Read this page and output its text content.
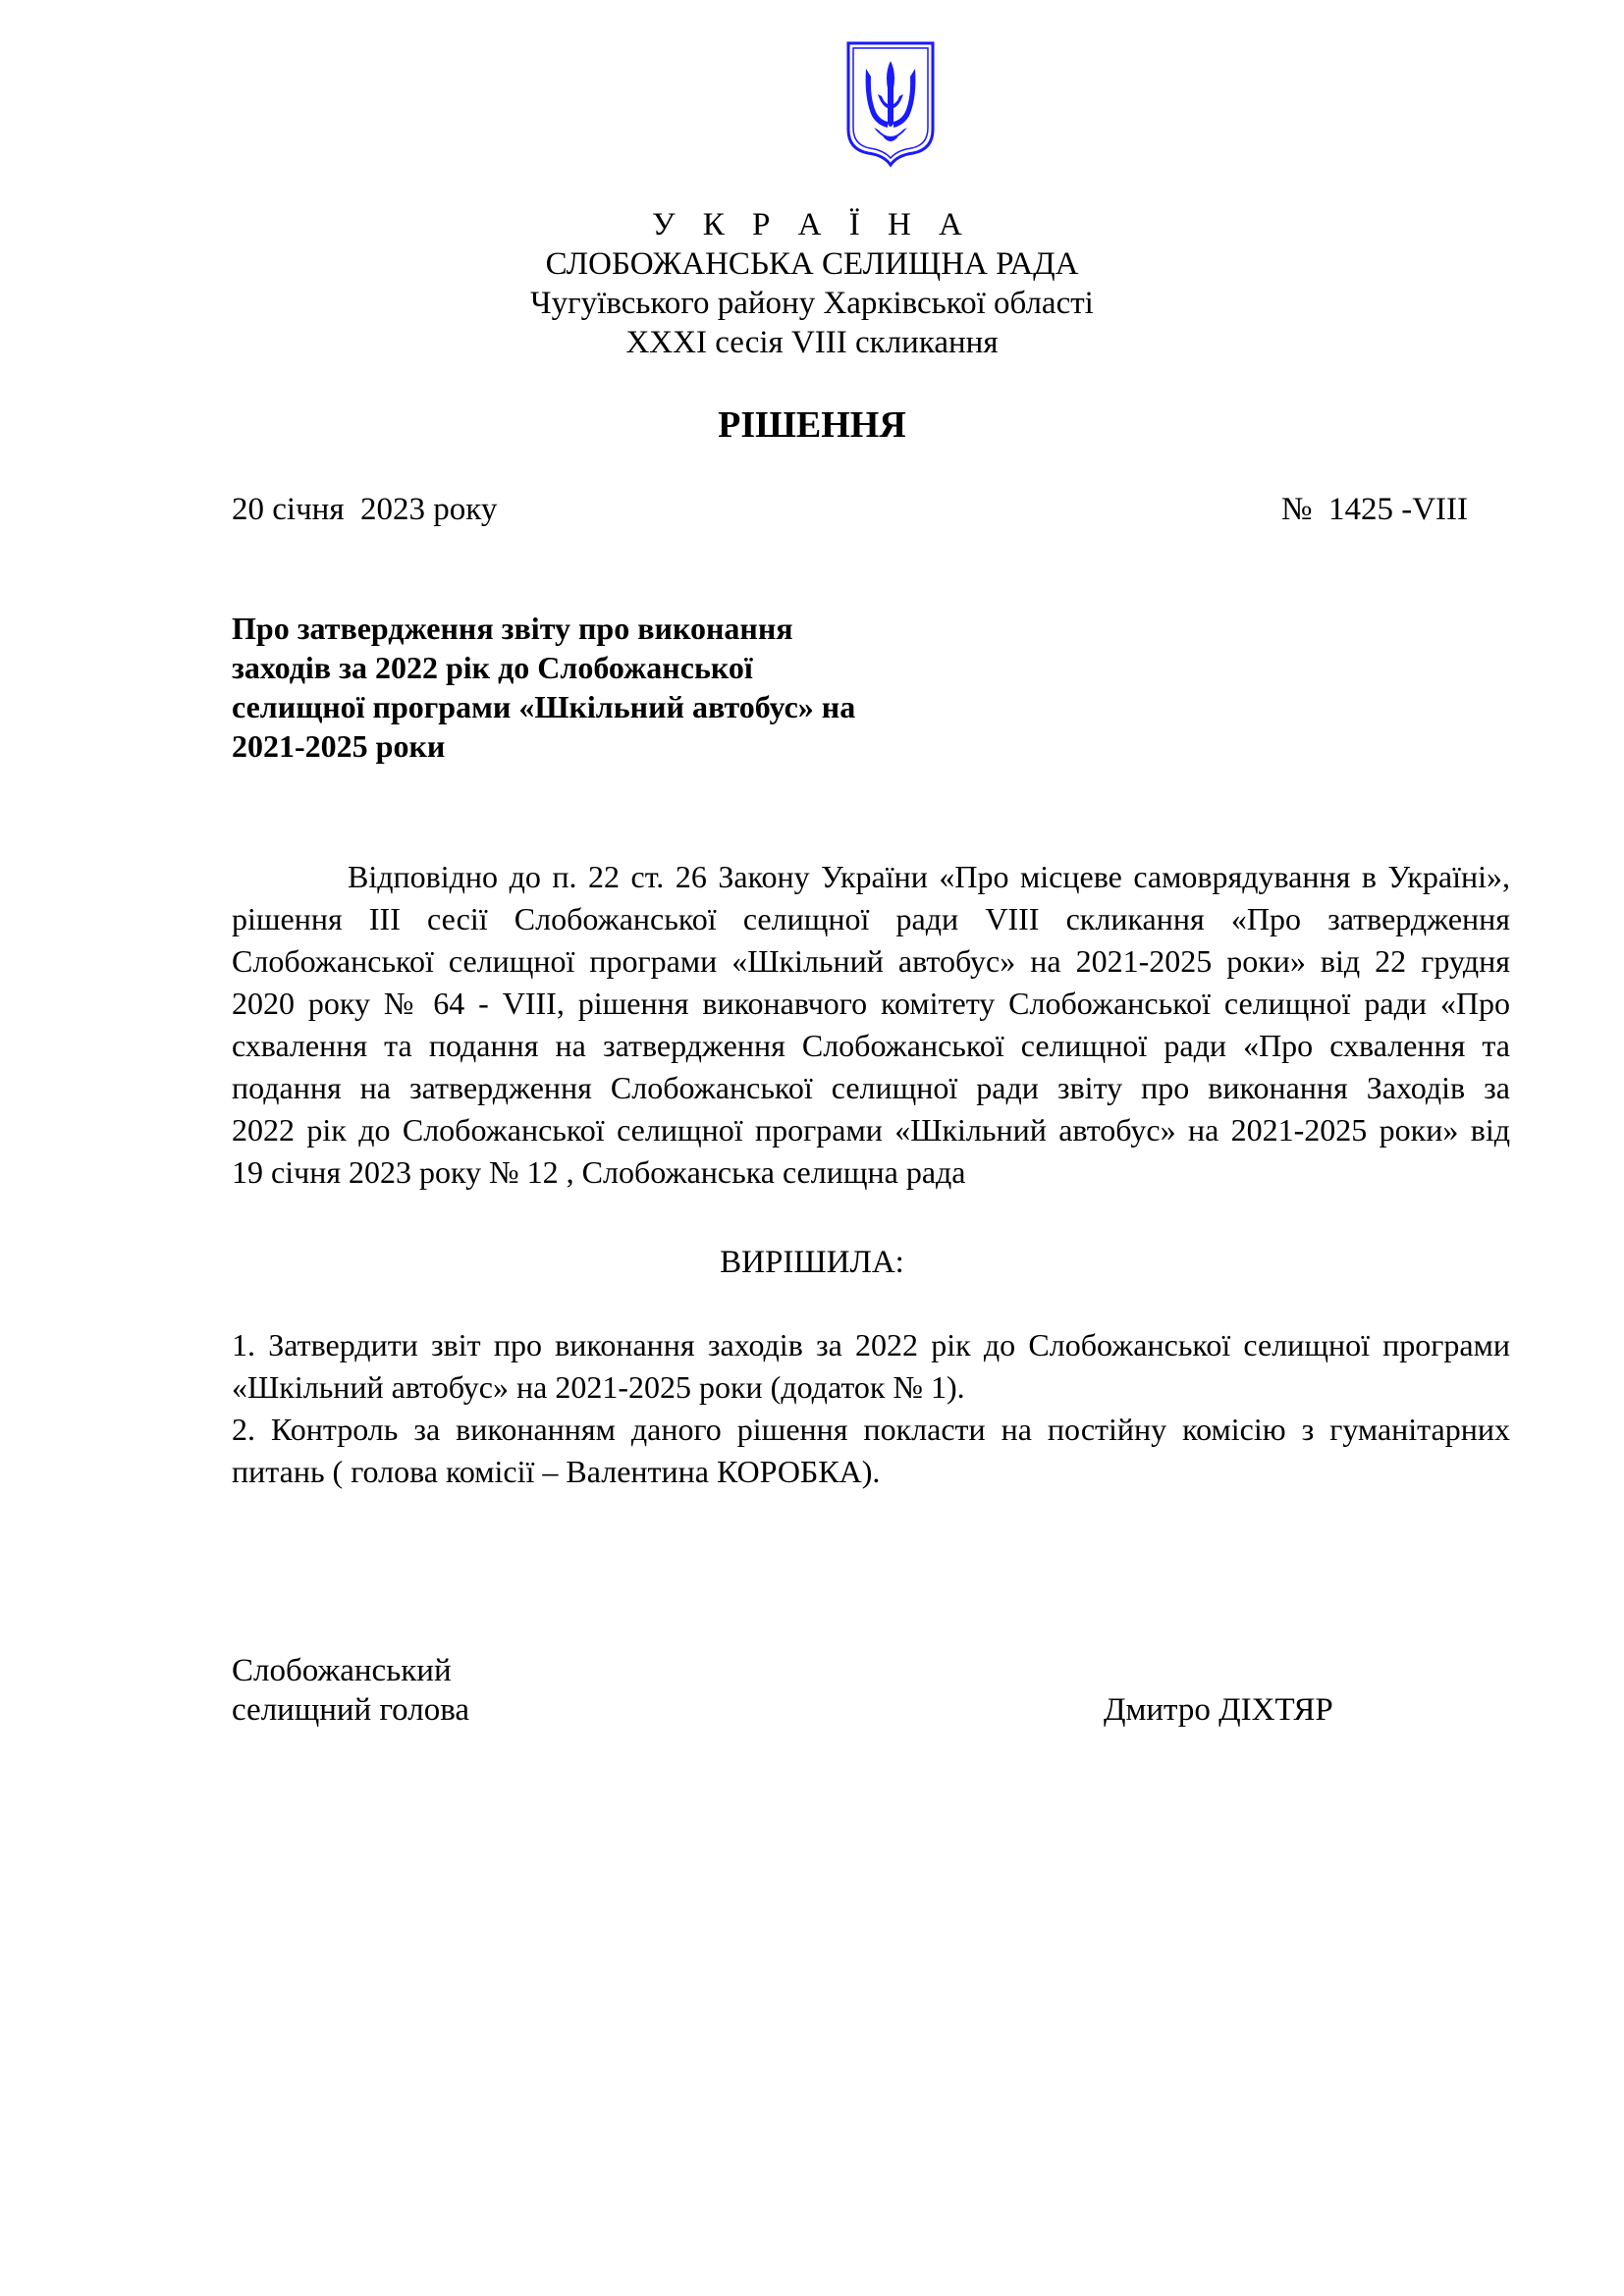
У К Р А Ї Н А
СЛОБОЖАНСЬКА СЕЛИЩНА РАДА
Чугуївського району Харківської області
XXXI сесія VIII скликання
РІШЕННЯ
20 січня  2023 року	№  1425 -VIII
Про затвердження звіту про виконання
заходів за 2022 рік до Слобожанської
селищної програми «Шкільний автобус» на
2021-2025 роки
Відповідно до п. 22 ст. 26 Закону України «Про місцеве самоврядування в Україні»,
рішення III сесії Слобожанської селищної ради VIII скликання «Про затвердження
Слобожанської селищної програми «Шкільний автобус» на 2021-2025 роки» від 22 грудня
2020 року № 64 - VIII, рішення виконавчого комітету Слобожанської селищної ради «Про
схвалення та подання на затвердження Слобожанської селищної ради «Про схвалення та
подання на затвердження Слобожанської селищної ради звіту про виконання Заходів за
2022 рік до Слобожанської селищної програми «Шкільний автобус» на 2021-2025 роки» від
19 січня 2023 року № 12 , Слобожанська селищна рада
ВИРІШИЛА:
1. Затвердити звіт про виконання заходів за 2022 рік до Слобожанської селищної програми
«Шкільний автобус» на 2021-2025 роки (додаток № 1).
2. Контроль за виконанням даного рішення покласти на постійну комісію з гуманітарних
питань ( голова комісії – Валентина КОРОБКА).
Слобожанський
селищний голова	Дмитро ДІХТЯР
